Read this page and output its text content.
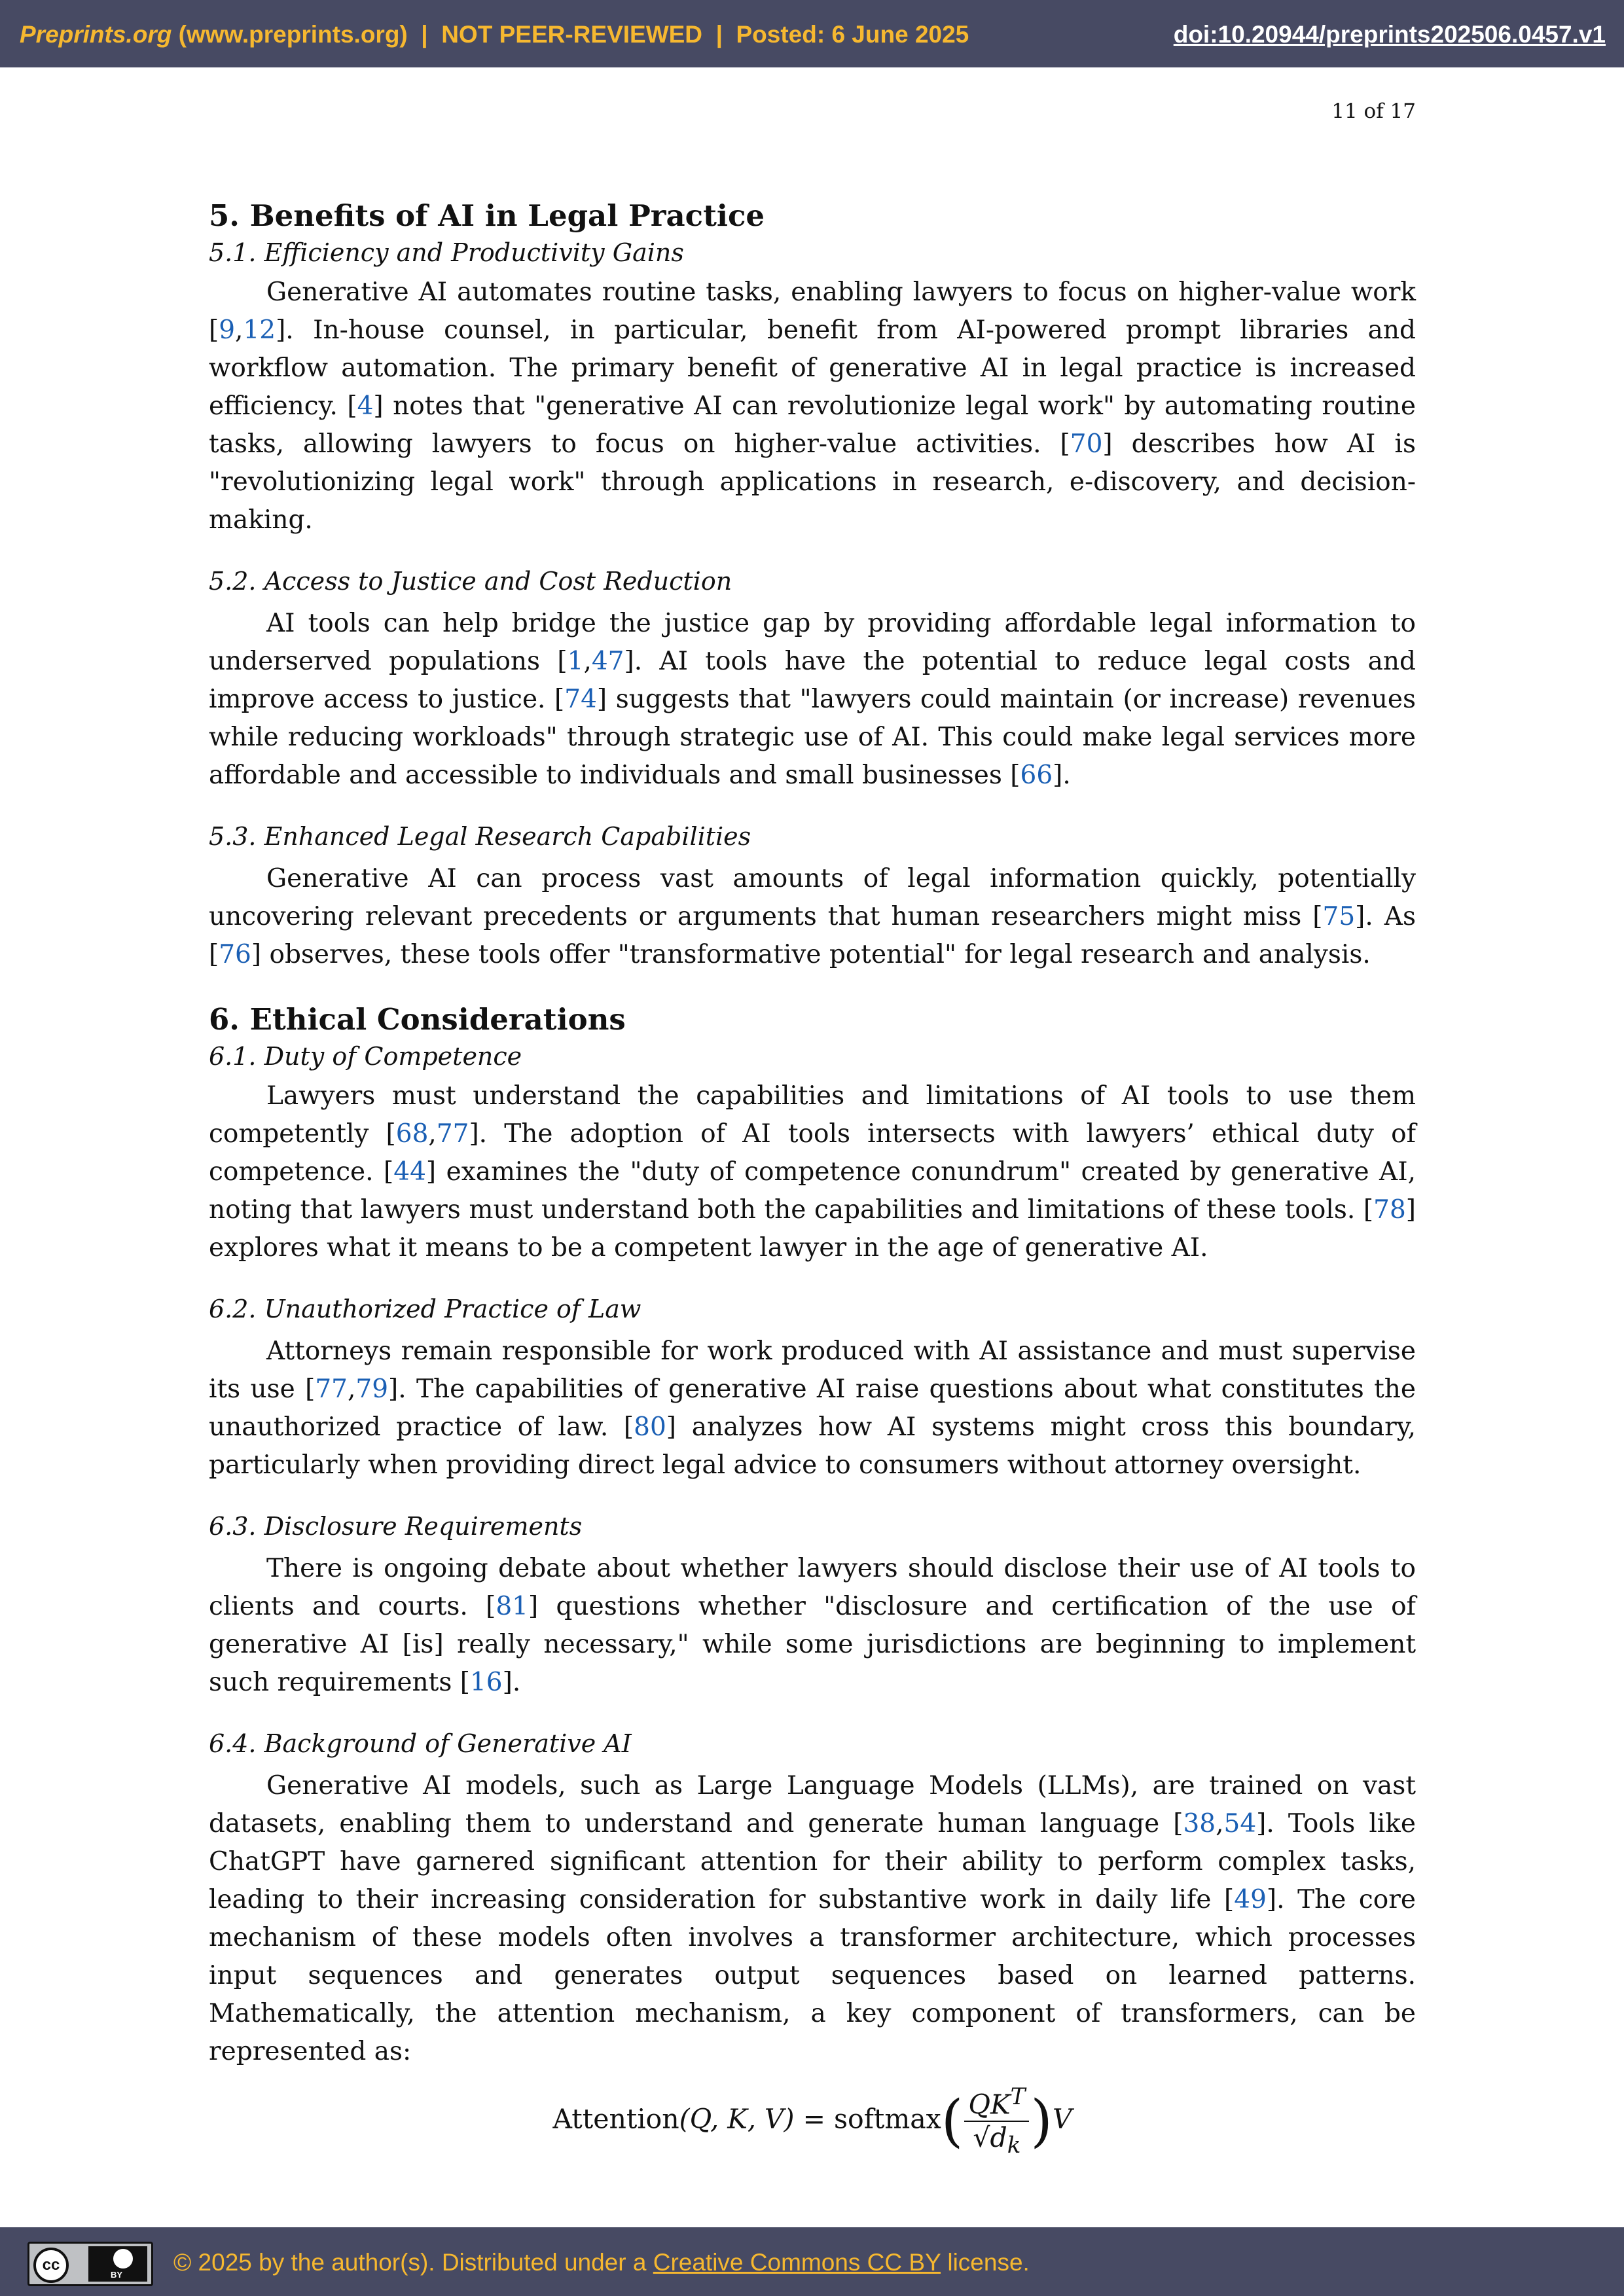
Preprints.org (www.preprints.org)  |  NOT PEER-REVIEWED  |  Posted: 6 June 2025	doi:10.20944/preprints202506.0457.v1
11 of 17
5. Benefits of AI in Legal Practice
5.1. Efficiency and Productivity Gains

Generative AI automates routine tasks, enabling lawyers to focus on higher-value work [9,12]. In-house counsel, in particular, benefit from AI-powered prompt libraries and workflow automation. The primary benefit of generative AI in legal practice is increased efficiency. [4] notes that "generative AI can revolutionize legal work" by automating routine tasks, allowing lawyers to focus on higher-value activities. [70] describes how AI is "revolutionizing legal work" through applications in research, e-discovery, and decision-making.

5.2. Access to Justice and Cost Reduction

AI tools can help bridge the justice gap by providing affordable legal information to underserved populations [1,47]. AI tools have the potential to reduce legal costs and improve access to justice. [74] suggests that "lawyers could maintain (or increase) revenues while reducing workloads" through strategic use of AI. This could make legal services more affordable and accessible to individuals and small businesses [66].

5.3. Enhanced Legal Research Capabilities

Generative AI can process vast amounts of legal information quickly, potentially uncovering relevant precedents or arguments that human researchers might miss [75]. As [76] observes, these tools offer "transformative potential" for legal research and analysis.

6. Ethical Considerations
6.1. Duty of Competence

Lawyers must understand the capabilities and limitations of AI tools to use them competently [68,77]. The adoption of AI tools intersects with lawyers’ ethical duty of competence. [44] examines the "duty of competence conundrum" created by generative AI, noting that lawyers must understand both the capabilities and limitations of these tools. [78] explores what it means to be a competent lawyer in the age of generative AI.

6.2. Unauthorized Practice of Law

Attorneys remain responsible for work produced with AI assistance and must supervise its use [77,79]. The capabilities of generative AI raise questions about what constitutes the unauthorized practice of law. [80] analyzes how AI systems might cross this boundary, particularly when providing direct legal advice to consumers without attorney oversight.

6.3. Disclosure Requirements

There is ongoing debate about whether lawyers should disclose their use of AI tools to clients and courts. [81] questions whether "disclosure and certification of the use of generative AI [is] really necessary," while some jurisdictions are beginning to implement such requirements [16].

6.4. Background of Generative AI

Generative AI models, such as Large Language Models (LLMs), are trained on vast datasets, enabling them to understand and generate human language [38,54]. Tools like ChatGPT have garnered significant attention for their ability to perform complex tasks, leading to their increasing consideration for substantive work in daily life [49]. The core mechanism of these models often involves a transformer architecture, which processes input sequences and generates output sequences based on learned patterns. Mathematically, the attention mechanism, a key component of transformers, can be represented as:

Attention(Q, K, V) = softmax( $\frac{QK^T}{√d_k} )V$
cc
BY © 2025 by the author(s). Distributed under a Creative Commons CC BY license.
